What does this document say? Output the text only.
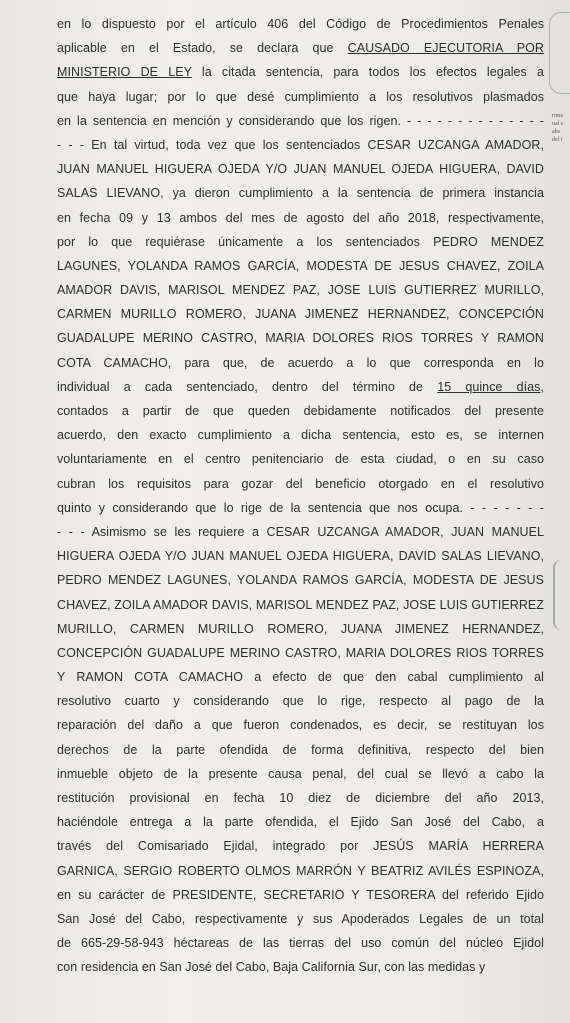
rime
ual c
abs
del i
en lo dispuesto por el artículo 406 del Código de Procedimientos Penales
aplicable en el Estado, se declara que CAUSADO EJECUTORIA POR
MINISTERIO DE LEY la citada sentencia, para todos los efectos legales a
que haya lugar; por lo que desé cumplimiento a los resolutivos plasmados
en la sentencia en mención y considerando que los rigen. - - - - - - - - - - - - - -
- - - En tal virtud, toda vez que los sentenciados CESAR UZCANGA AMADOR,
JUAN MANUEL HIGUERA OJEDA Y/O JUAN MANUEL OJEDA HIGUERA, DAVID
SALAS LIEVANO, ya dieron cumplimiento a la sentencia de primera instancia
en fecha 09 y 13 ambos del mes de agosto del año 2018, respectivamente,
por lo que requiérase únicamente a los sentenciados PEDRO MENDEZ
LAGUNES, YOLANDA RAMOS GARCÍA, MODESTA DE JESUS CHAVEZ, ZOILA
AMADOR DAVIS, MARISOL MENDEZ PAZ, JOSE LUIS GUTIERREZ MURILLO,
CARMEN MURILLO ROMERO, JUANA JIMENEZ HERNANDEZ, CONCEPCIÓN
GUADALUPE MERINO CASTRO, MARIA DOLORES RIOS TORRES Y RAMON
COTA CAMACHO, para que, de acuerdo a lo que corresponda en lo
individual a cada sentenciado, dentro del término de 15 quince días,
contados a partir de que queden debidamente notificados del presente
acuerdo, den exacto cumplimiento a dicha sentencia, esto es, se internen
voluntariamente en el centro penitenciario de esta ciudad, o en su caso
cubran los requisitos para gozar del beneficio otorgado en el resolutivo
quinto y considerando que lo rige de la sentencia que nos ocupa. - - - - - - -
- - - Asimismo se les requiere a CESAR UZCANGA AMADOR, JUAN MANUEL
HIGUERA OJEDA Y/O JUAN MANUEL OJEDA HIGUERA, DAVID SALAS LIEVANO,
PEDRO MENDEZ LAGUNES, YOLANDA RAMOS GARCÍA, MODESTA DE JESUS
CHAVEZ, ZOILA AMADOR DAVIS, MARISOL MENDEZ PAZ, JOSE LUIS GUTIERREZ
MURILLO, CARMEN MURILLO ROMERO, JUANA JIMENEZ HERNANDEZ,
CONCEPCIÓN GUADALUPE MERINO CASTRO, MARIA DOLORES RIOS TORRES
Y RAMON COTA CAMACHO a efecto de que den cabal cumplimiento al
resolutivo cuarto y considerando que lo rige, respecto al pago de la
reparación del daño a que fueron condenados, es decir, se restituyan los
derechos de la parte ofendida de forma definitiva, respecto del bien
inmueble objeto de la presente causa penal, del cual se llevó a cabo la
restitución provisional en fecha 10 diez de diciembre del año 2013,
haciéndole entrega a la parte ofendida, el Ejido San José del Cabo, a
través del Comisariado Ejidal, integrado por JESÚS MARÍA HERRERA
GARNICA, SERGIO ROBERTO OLMOS MARRÓN Y BEATRIZ AVILÉS ESPINOZA,
en su carácter de PRESIDENTE, SECRETARIO Y TESORERA del referido Ejido
San José del Cabo, respectivamente y sus Apoderados Legales de un total
de 665-29-58-943 héctareas de las tierras del uso común del núcleo Ejidol
con residencia en San José del Cabo, Baja California Sur, con las medidas y
